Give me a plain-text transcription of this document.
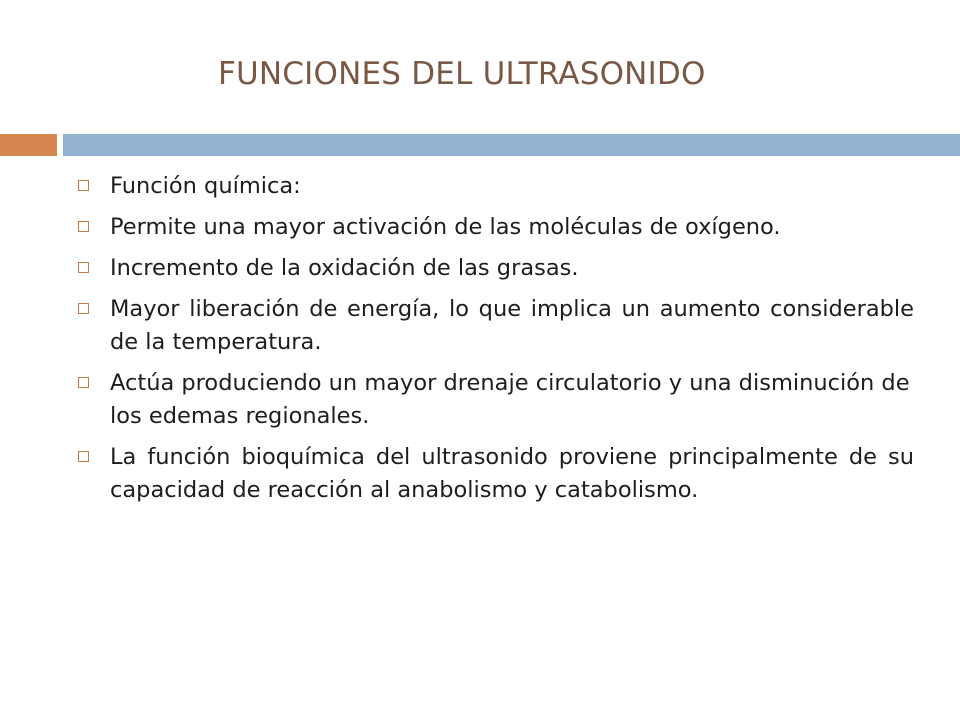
FUNCIONES DEL ULTRASONIDO
Función química:
Permite una mayor activación de las moléculas de oxígeno.
Incremento de la oxidación de las grasas.
Mayor liberación de energía, lo que implica un aumento considerable de la temperatura.
Actúa produciendo un mayor drenaje circulatorio y una disminución de los edemas regionales.
La función bioquímica del ultrasonido proviene principalmente de su capacidad de reacción al anabolismo y catabolismo.
